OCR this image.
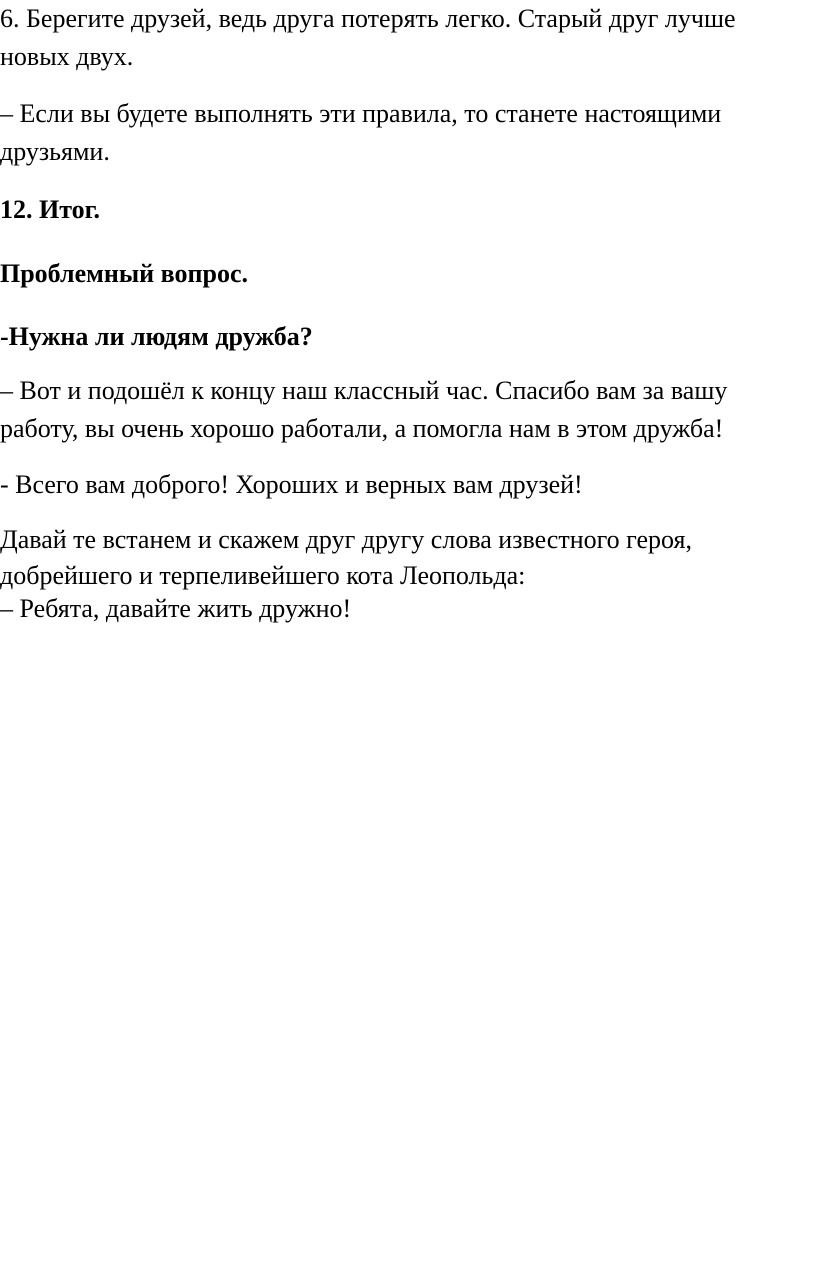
6. Берегите друзей, ведь друга потерять легко. Старый друг лучше
новых двух.

– Если вы будете выполнять эти правила, то станете настоящими
друзьями.

12. Итог.

Проблемный вопрос.

-Нужна ли людям дружба?

– Вот и подошёл к концу наш классный час. Спасибо вам за вашу
работу, вы очень хорошо работали, а помогла нам в этом дружба!

- Всего вам доброго! Хороших и верных вам друзей!

Давай те встанем и скажем друг другу слова известного героя,
добрейшего и терпеливейшего кота Леопольда:
– Ребята, давайте жить дружно!
